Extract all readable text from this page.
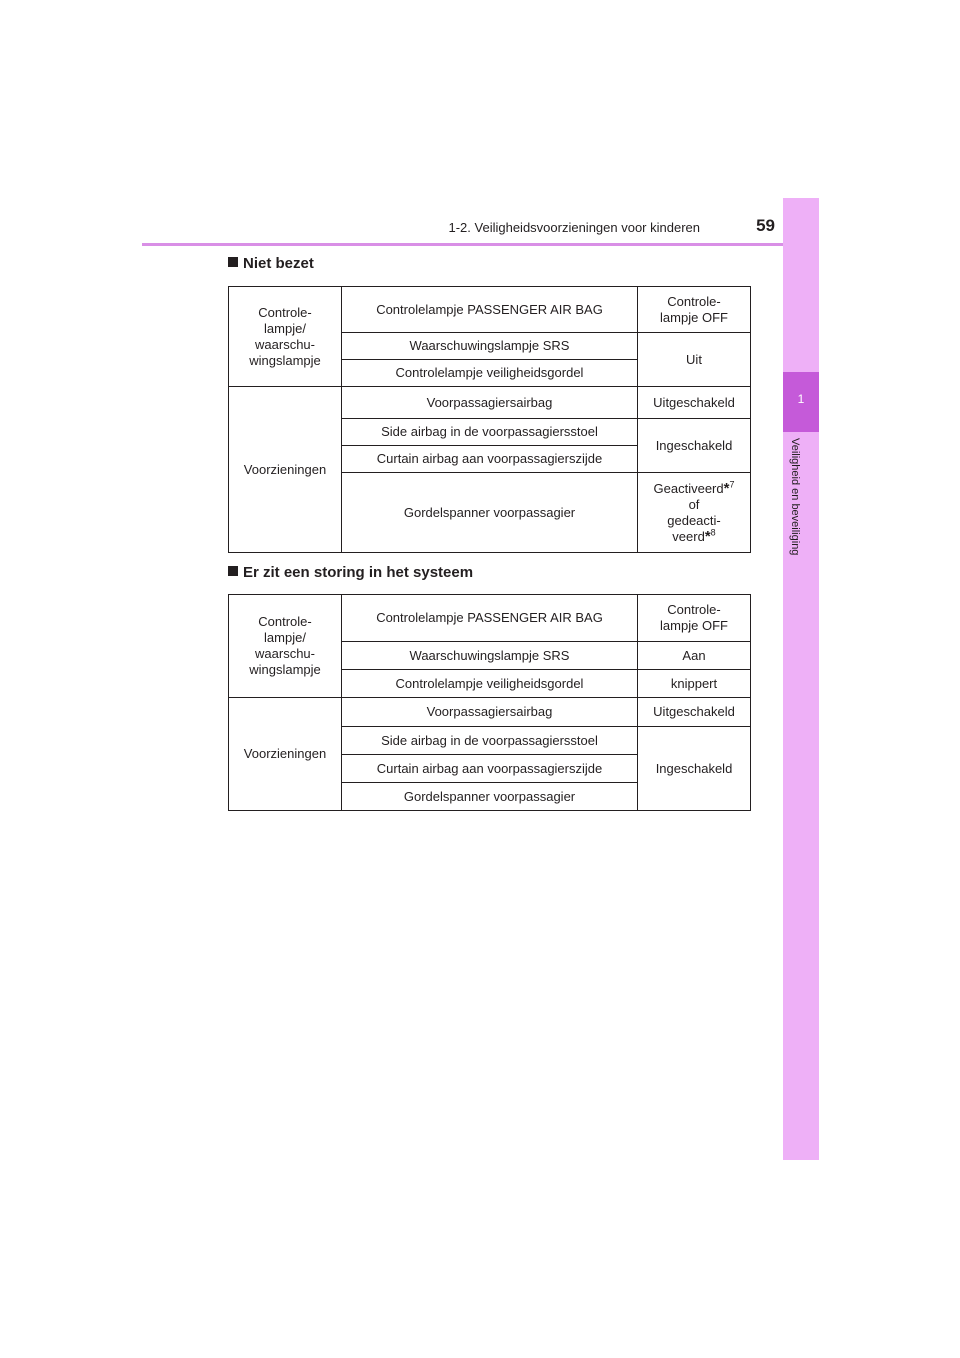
1-2. Veiligheidsvoorzieningen voor kinderen	59
1
Veiligheid en beveiliging
Niet bezet
Controle-
lampje/
waarschu-
wingslampje	Controlelampje PASSENGER AIR BAG	Controle-
lampje OFF
	Waarschuwingslampje SRS	Uit
	Controlelampje veiligheidsgordel	
Voorzieningen	Voorpassagiersairbag	Uitgeschakeld
	Side airbag in de voorpassagiersstoel	Ingeschakeld
	Curtain airbag aan voorpassagierszijde	
	Gordelspanner voorpassagier	Geactiveerd*$^7$
of
gedeacti-
veerd*$^8$
Er zit een storing in het systeem
Controle-
lampje/
waarschu-
wingslampje	Controlelampje PASSENGER AIR BAG	Controle-
lampje OFF
	Waarschuwingslampje SRS	Aan
	Controlelampje veiligheidsgordel	knippert
Voorzieningen	Voorpassagiersairbag	Uitgeschakeld
	Side airbag in de voorpassagiersstoel	Ingeschakeld
	Curtain airbag aan voorpassagierszijde	
	Gordelspanner voorpassagier	
